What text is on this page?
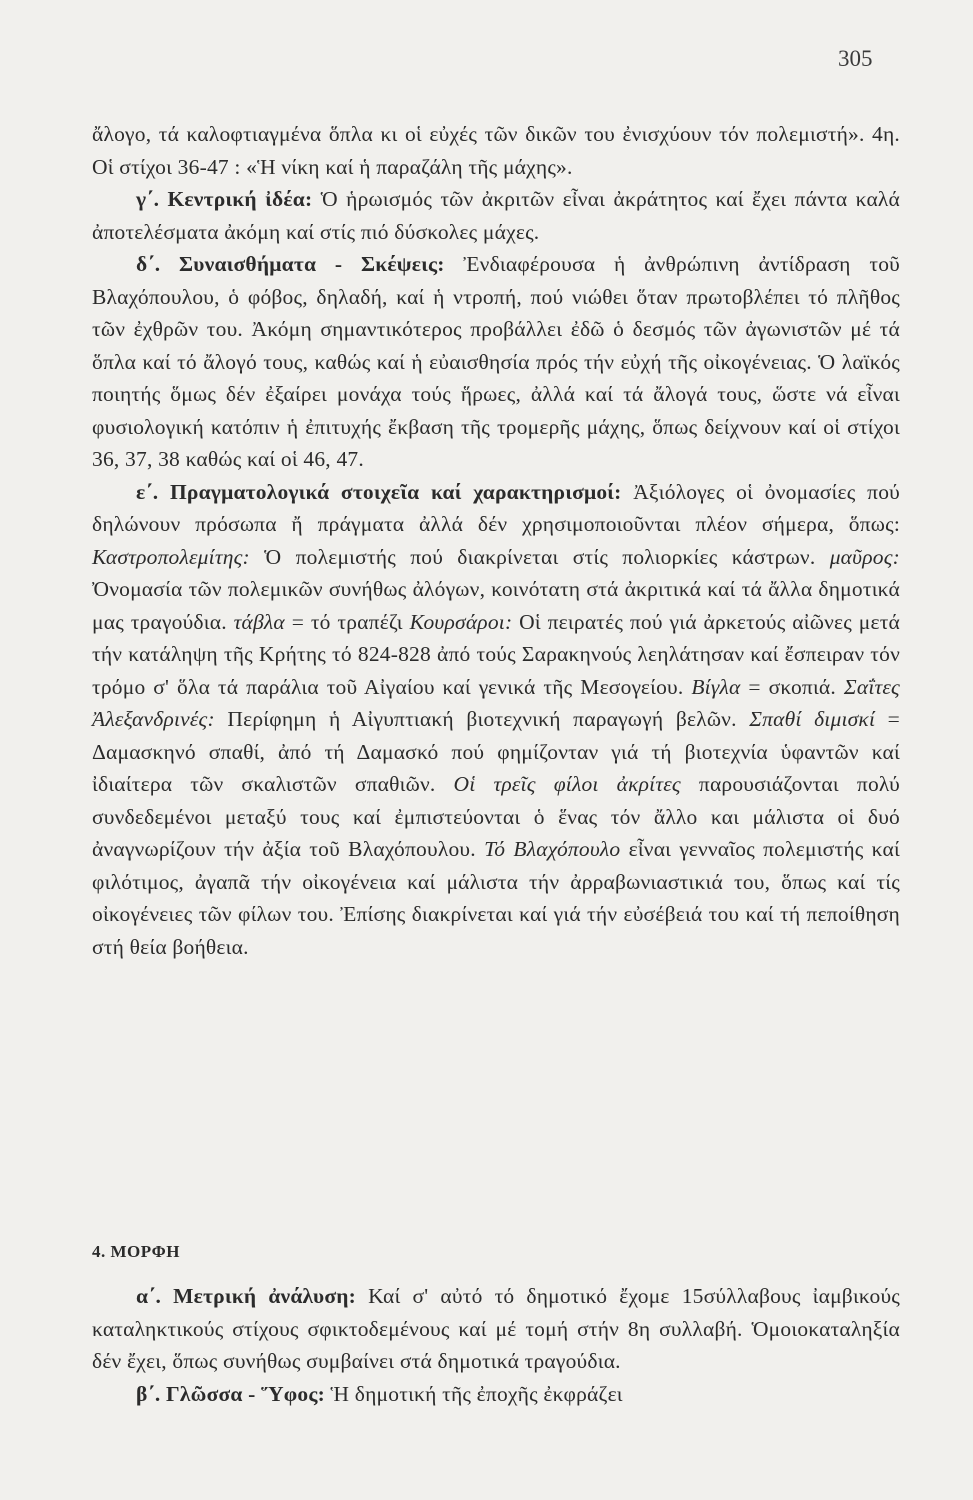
305

ἄλογο, τά καλοφτιαγμένα ὅπλα κι οἱ εὐχές τῶν δικῶν του ἐνισχύουν τόν πολεμιστή». 4η. Οἱ στίχοι 36-47 : «Ἡ νίκη καί ἡ παραζάλη τῆς μάχης».

γ΄. Κεντρική ἰδέα: Ὁ ἡρωισμός τῶν ἀκριτῶν εἶναι ἀκράτητος καί ἔχει πάντα καλά ἀποτελέσματα ἀκόμη καί στίς πιό δύσκολες μάχες.

δ΄. Συναισθήματα - Σκέψεις: Ἐνδιαφέρουσα ἡ ἀνθρώπινη ἀντίδραση τοῦ Βλαχόπουλου, ὁ φόβος, δηλαδή, καί ἡ ντροπή, πού νιώθει ὅταν πρωτοβλέπει τό πλῆθος τῶν ἐχθρῶν του. Ἀκόμη σημαντικότερος προβάλλει ἐδῶ ὁ δεσμός τῶν ἀγωνιστῶν μέ τά ὅπλα καί τό ἄλογό τους, καθώς καί ἡ εὐαισθησία πρός τήν εὐχή τῆς οἰκογένειας. Ὁ λαϊκός ποιητής ὅμως δέν ἐξαίρει μονάχα τούς ἥρωες, ἀλλά καί τά ἄλογά τους, ὥστε νά εἶναι φυσιολογική κατόπιν ἡ ἐπιτυχής ἔκβαση τῆς τρομερῆς μάχης, ὅπως δείχνουν καί οἱ στίχοι 36, 37, 38 καθώς καί οἱ 46, 47.

ε΄. Πραγματολογικά στοιχεῖα καί χαρακτηρισμοί: Ἀξιόλογες οἱ ὀνομασίες πού δηλώνουν πρόσωπα ἤ πράγματα ἀλλά δέν χρησιμοποιοῦνται πλέον σήμερα, ὅπως: Καστροπολεμίτης: Ὁ πολεμιστής πού διακρίνεται στίς πολιορκίες κάστρων. μαῦρος: Ὀνομασία τῶν πολεμικῶν συνήθως ἀλόγων, κοινότατη στά ἀκριτικά καί τά ἄλλα δημοτικά μας τραγούδια. τάβλα = τό τραπέζι Κουρσάροι: Οἱ πειρατές πού γιά ἀρκετούς αἰῶνες μετά τήν κατάληψη τῆς Κρήτης τό 824-828 ἀπό τούς Σαρακηνούς λεηλάτησαν καί ἔσπειραν τόν τρόμο σ' ὅλα τά παράλια τοῦ Αἰγαίου καί γενικά τῆς Μεσογείου. Βίγλα = σκοπιά. Σαΐτες Ἀλεξανδρινές: Περίφημη ἡ Αἰγυπτιακή βιοτεχνική παραγωγή βελῶν. Σπαθί διμισκί = Δαμασκηνό σπαθί, ἀπό τή Δαμασκό πού φημίζονταν γιά τή βιοτεχνία ὑφαντῶν καί ἰδιαίτερα τῶν σκαλιστῶν σπαθιῶν. Οἱ τρεῖς φίλοι ἀκρίτες παρουσιάζονται πολύ συνδεδεμένοι μεταξύ τους καί ἐμπιστεύονται ὁ ἕνας τόν ἄλλο και μάλιστα οἱ δυό ἀναγνωρίζουν τήν ἀξία τοῦ Βλαχόπουλου. Τό Βλαχόπουλο εἶναι γενναῖος πολεμιστής καί φιλότιμος, ἀγαπᾶ τήν οἰκογένεια καί μάλιστα τήν ἀρραβωνιαστικιά του, ὅπως καί τίς οἰκογένειες τῶν φίλων του. Ἐπίσης διακρίνεται καί γιά τήν εὐσέβειά του καί τή πεποίθηση στή θεία βοήθεια.

4. ΜΟΡΦΗ

α΄. Μετρική ἀνάλυση: Καί σ' αὐτό τό δημοτικό ἔχομε 15σύλλαβους ἰαμβικούς καταληκτικούς στίχους σφικτοδεμένους καί μέ τομή στήν 8η συλλαβή. Ὁμοιοκαταληξία δέν ἔχει, ὅπως συνήθως συμβαίνει στά δημοτικά τραγούδια.

β΄. Γλῶσσα - Ὕφος: Ἡ δημοτική τῆς ἐποχῆς ἐκφράζει
